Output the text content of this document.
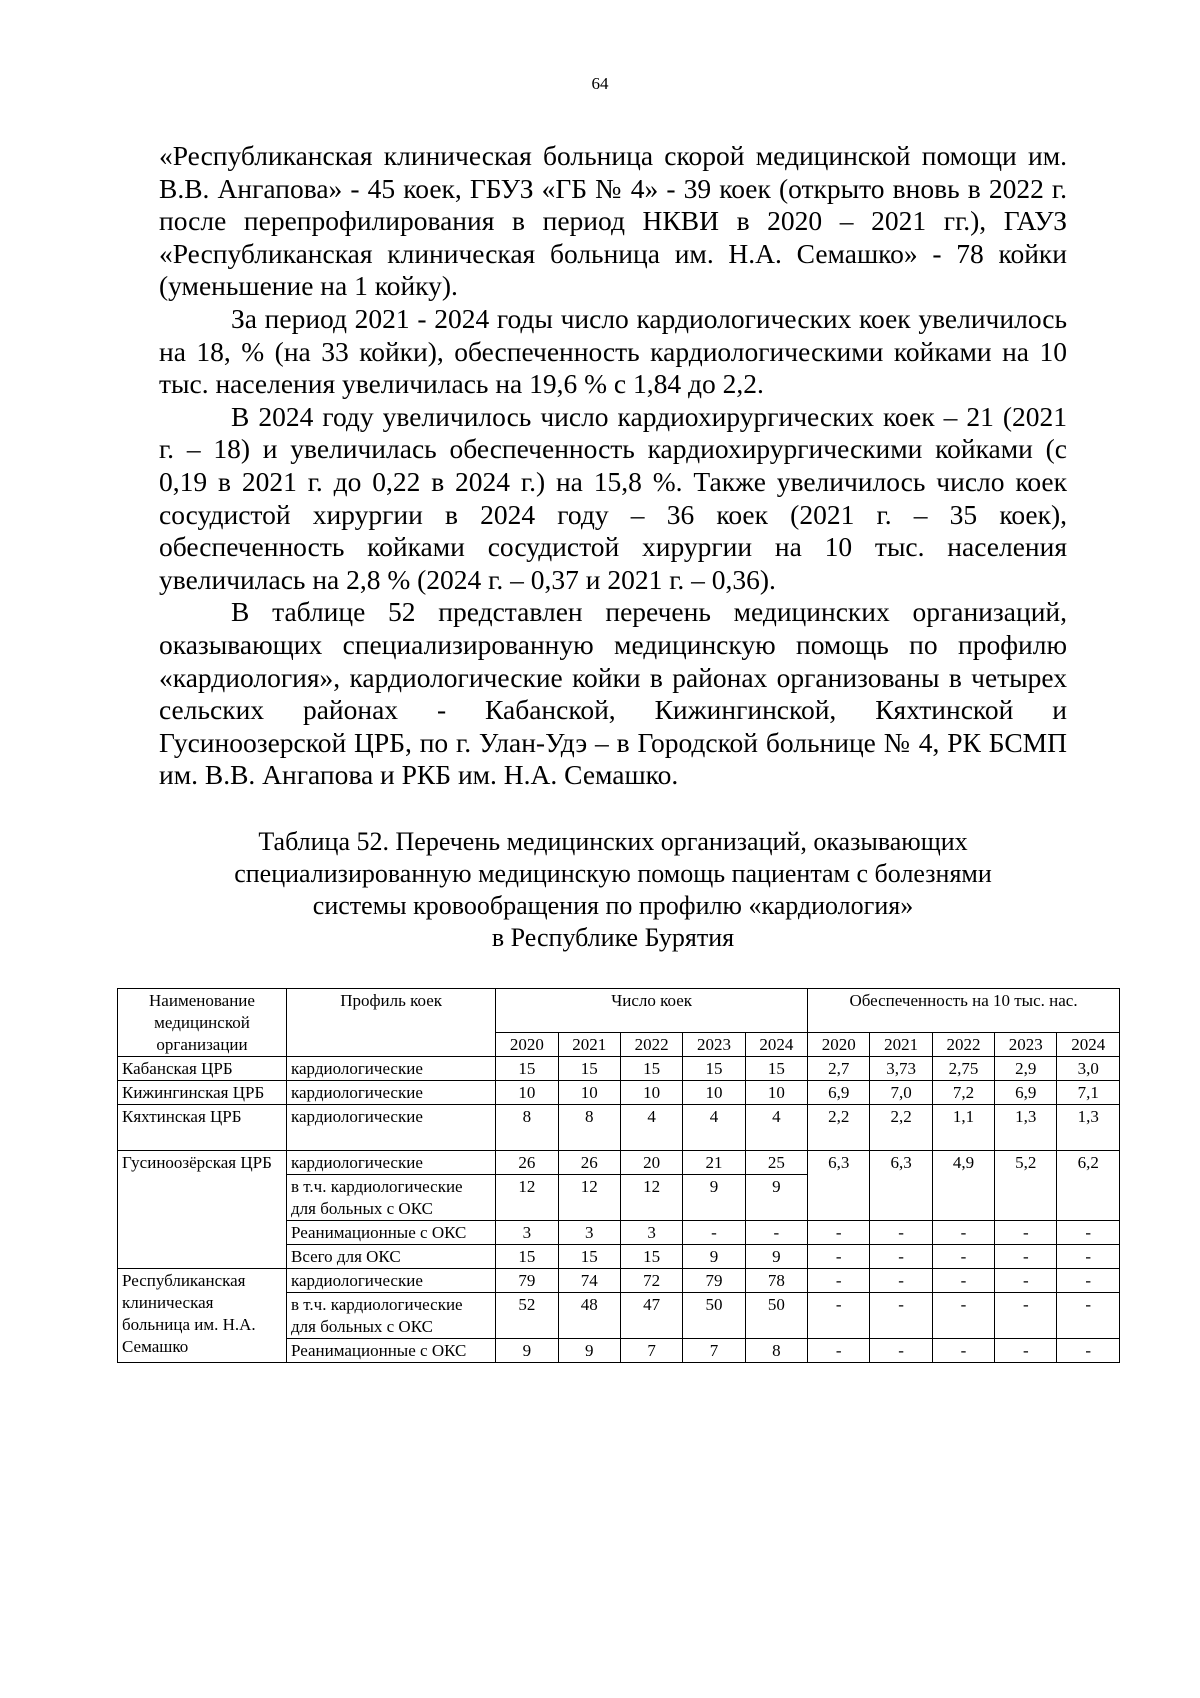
64

«Республиканская клиническая больница скорой медицинской помощи им. В.В. Ангапова» - 45 коек, ГБУЗ «ГБ № 4» - 39 коек (открыто вновь в 2022 г. после перепрофилирования в период НКВИ в 2020 – 2021 гг.), ГАУЗ «Республиканская клиническая больница им. Н.А. Семашко» - 78 койки (уменьшение на 1 койку).

За период 2021 - 2024 годы число кардиологических коек увеличилось на 18, % (на 33 койки), обеспеченность кардиологическими койками на 10 тыс. населения увеличилась на 19,6 % с 1,84 до 2,2.

В 2024 году увеличилось число кардиохирургических коек – 21 (2021 г. – 18) и увеличилась обеспеченность кардиохирургическими койками (с 0,19 в 2021 г. до 0,22 в 2024 г.) на 15,8 %. Также увеличилось число коек сосудистой хирургии в 2024 году – 36 коек (2021 г. – 35 коек), обеспеченность койками сосудистой хирургии на 10 тыс. населения увеличилась на 2,8 % (2024 г. – 0,37 и 2021 г. – 0,36).

В таблице 52 представлен перечень медицинских организаций, оказывающих специализированную медицинскую помощь по профилю «кардиология», кардиологические койки в районах организованы в четырех сельских районах - Кабанской, Кижингинской, Кяхтинской и Гусиноозерской ЦРБ, по г. Улан-Удэ – в Городской больнице № 4, РК БСМП им. В.В. Ангапова и РКБ им. Н.А. Семашко.

Таблица 52. Перечень медицинских организаций, оказывающих
специализированную медицинскую помощь пациентам с болезнями
системы кровообращения по профилю «кардиология»
в Республике Бурятия
Наименование медицинской организации	Профиль коек	Число коек					Обеспеченность на 10 тыс. нас.				
		2020	2021	2022	2023	2024	2020	2021	2022	2023	2024
Кабанская ЦРБ	кардиологические	15	15	15	15	15	2,7	3,73	2,75	2,9	3,0
Кижингинская ЦРБ	кардиологические	10	10	10	10	10	6,9	7,0	7,2	6,9	7,1
Кяхтинская ЦРБ	кардиологические	8	8	4	4	4	2,2	2,2	1,1	1,3	1,3
Гусиноозёрская ЦРБ	кардиологические	26	26	20	21	25	6,3	6,3	4,9	5,2	6,2
	в т.ч. кардиологические для больных с ОКС	12	12	12	9	9					
	Реанимационные с ОКС	3	3	3	-	-	-	-	-	-	-
	Всего для ОКС	15	15	15	9	9	-	-	-	-	-
Республиканская клиническая больница им. Н.А. Семашко	кардиологические	79	74	72	79	78	-	-	-	-	-
	в т.ч. кардиологические для больных с ОКС	52	48	47	50	50	-	-	-	-	-
	Реанимационные с ОКС	9	9	7	7	8	-	-	-	-	-
